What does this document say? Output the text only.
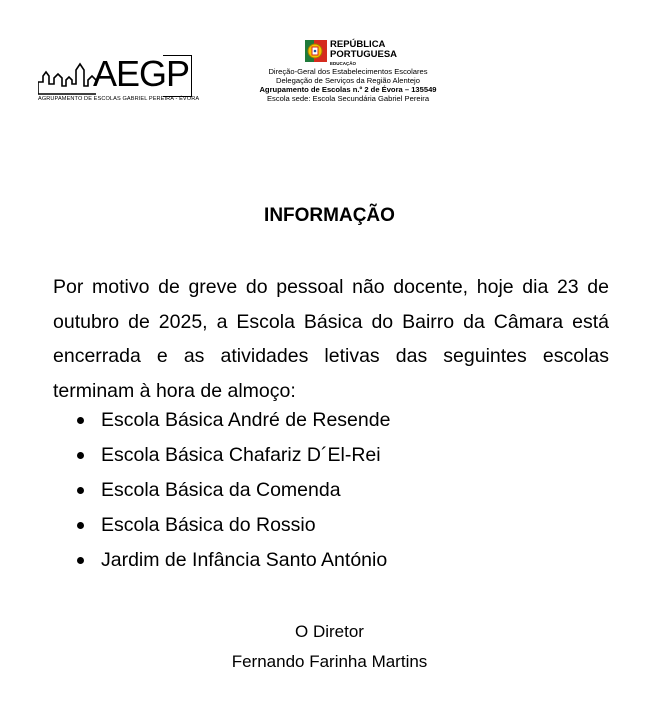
AEGP
AGRUPAMENTO DE ESCOLAS GABRIEL PEREIRA - ÉVORA
REPÚBLICA
PORTUGUESA
EDUCAÇÃO
Direção-Geral dos Estabelecimentos Escolares
Delegação de Serviços da Região Alentejo
Agrupamento de Escolas n.º 2 de Évora – 135549
Escola sede: Escola Secundária Gabriel Pereira
INFORMAÇÃO

Por motivo de greve do pessoal não docente, hoje dia 23 de outubro de 2025, a Escola Básica do Bairro da Câmara está encerrada e as atividades letivas das seguintes escolas terminam à hora de almoço:

Escola Básica André de Resende
Escola Básica Chafariz D´El-Rei
Escola Básica da Comenda
Escola Básica do Rossio
Jardim de Infância Santo António
O Diretor
Fernando Farinha Martins
